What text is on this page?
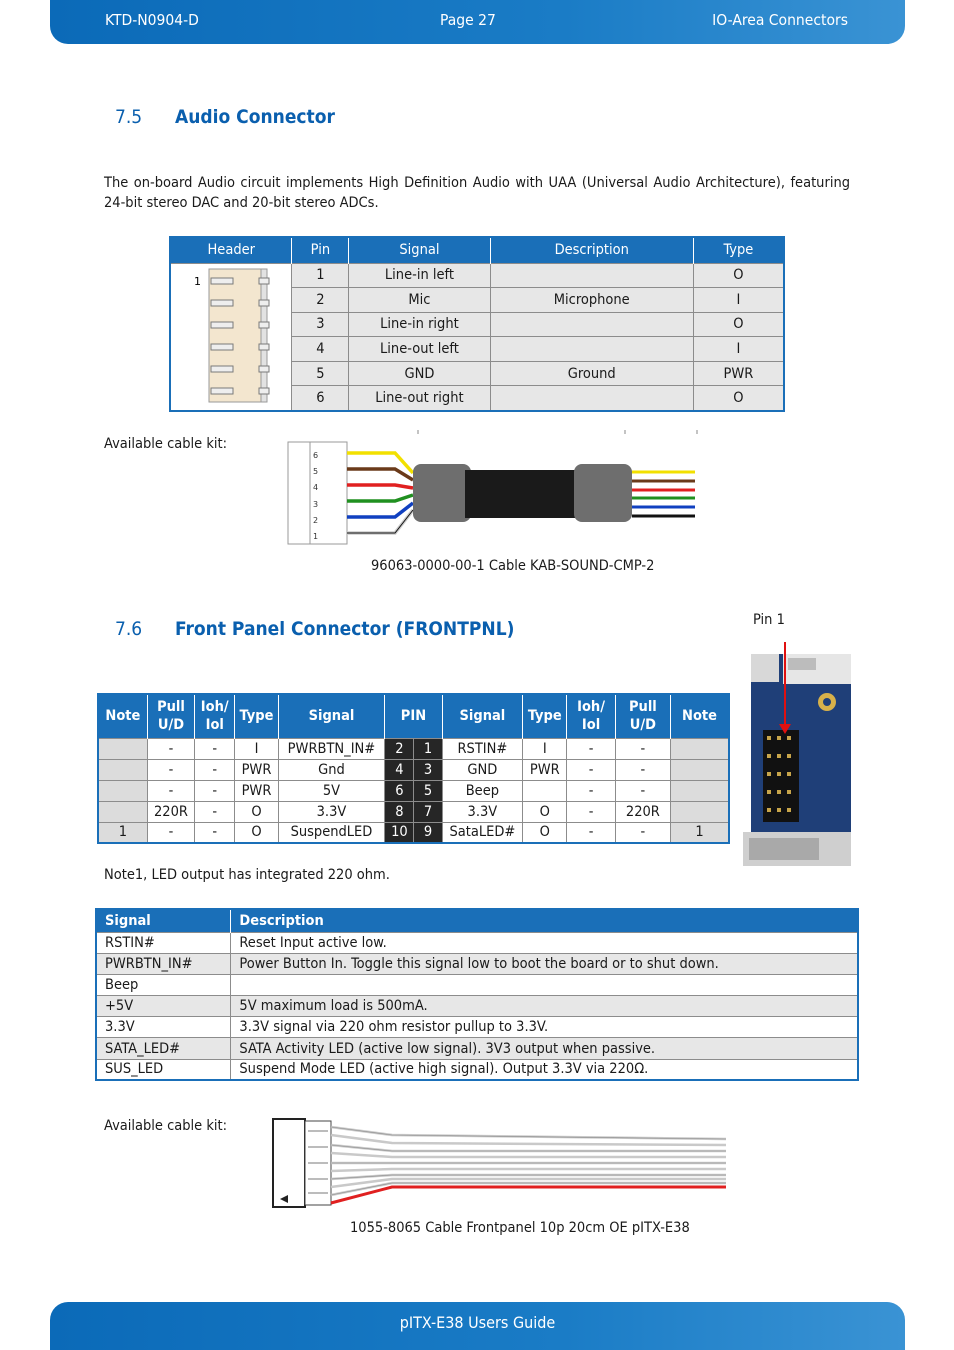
KTD-N0904-D	Page 27	IO-Area Connectors
7.5 Audio Connector
The on-board Audio circuit implements High Definition Audio with UAA (Universal Audio Architecture), featuring 24-bit stereo DAC and 20-bit stereo ADCs.
Header	Pin	Signal	Description	Type

1	1	Line-in left		O
	2	Mic	Microphone	I
	3	Line-in right		O
	4	Line-out left		I
	5	GND	Ground	PWR
	6	Line-out right		O
Available cable kit:
6
5
4
3
2
1
96063-0000-00-1 Cable KAB-SOUND-CMP-2
7.6 Front Panel Connector (FRONTPNL)	Pin 1
Note	Pull U/D	Ioh/ Iol	Type	Signal	PIN		Signal	Type	Ioh/ Iol	Pull U/D	Note
	-	-	I	PWRBTN_IN#	2	1	RSTIN#	I	-	-	
	-	-	PWR	Gnd	4	3	GND	PWR	-	-	
	-	-	PWR	5V	6	5	Beep		-	-	
	220R	-	O	3.3V	8	7	3.3V	O	-	220R	
1	-	-	O	SuspendLED	10	9	SataLED#	O	-	-	1
Note1, LED output has integrated 220 ohm.
Signal	Description
RSTIN#	Reset Input active low.
PWRBTN_IN#	Power Button In. Toggle this signal low to boot the board or to shut down.
Beep	
+5V	5V maximum load is 500mA.
3.3V	3.3V signal via 220 ohm resistor pullup to 3.3V.
SATA_LED#	SATA Activity LED (active low signal). 3V3 output when passive.
SUS_LED	Suspend Mode LED (active high signal). Output 3.3V via 220Ω.
Available cable kit:
1055-8065 Cable Frontpanel 10p 20cm OE pITX-E38
pITX-E38 Users Guide
